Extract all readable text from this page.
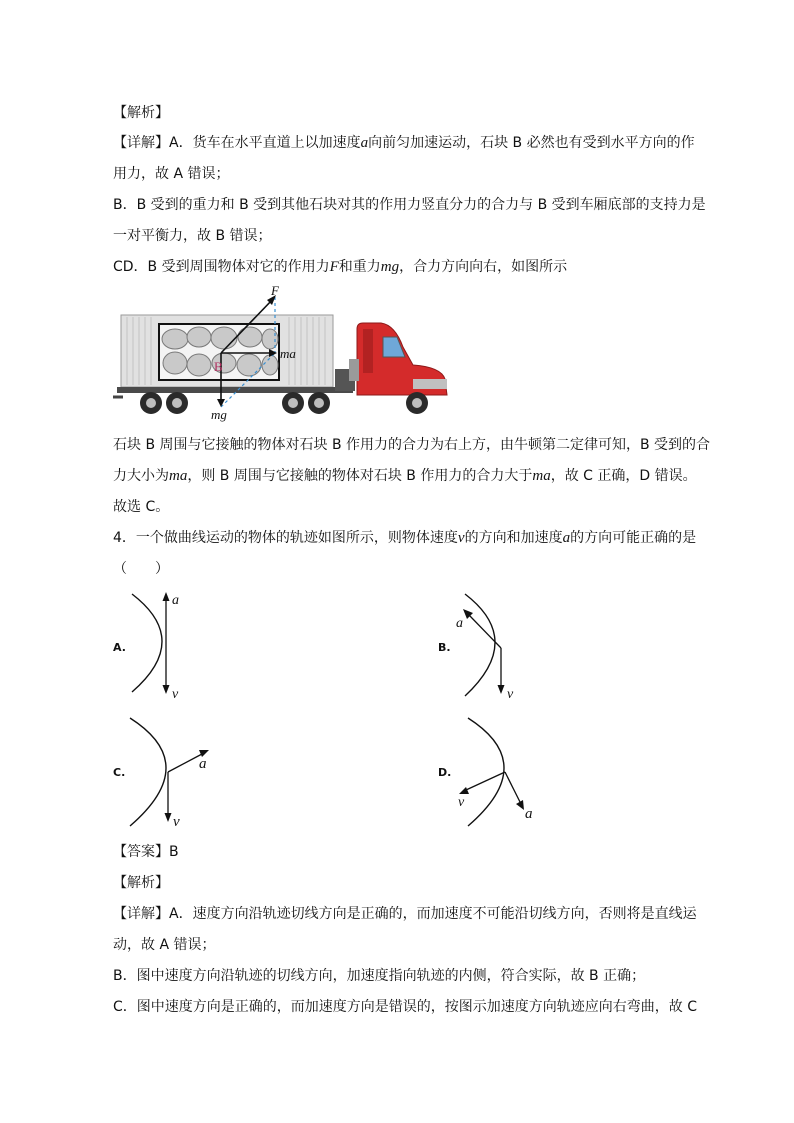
【解析】
【详解】A．货车在水平直道上以加速度a向前匀加速运动，石块 B 必然也有受到水平方向的作
用力，故 A 错误；
B．B 受到的重力和 B 受到其他石块对其的作用力竖直分力的合力与 B 受到车厢底部的支持力是
一对平衡力，故 B 错误；
CD．B 受到周围物体对它的作用力F和重力mg，合力方向向右，如图所示
F
B
ma
mg
石块 B 周围与它接触的物体对石块 B 作用力的合力为右上方，由牛顿第二定律可知，B 受到的合
力大小为ma，则 B 周围与它接触的物体对石块 B 作用力的合力大于ma，故 C 正确，D 错误。
故选 C。
4．一个做曲线运动的物体的轨迹如图所示，则物体速度v的方向和加速度a的方向可能正确的是
（　　）
A.
a
v
B.
a
v
C.
a
v
D.
v
a
【答案】B
【解析】
【详解】A．速度方向沿轨迹切线方向是正确的，而加速度不可能沿切线方向，否则将是直线运
动，故 A 错误；
B．图中速度方向沿轨迹的切线方向，加速度指向轨迹的内侧，符合实际，故 B 正确；
C．图中速度方向是正确的，而加速度方向是错误的，按图示加速度方向轨迹应向右弯曲，故 C
